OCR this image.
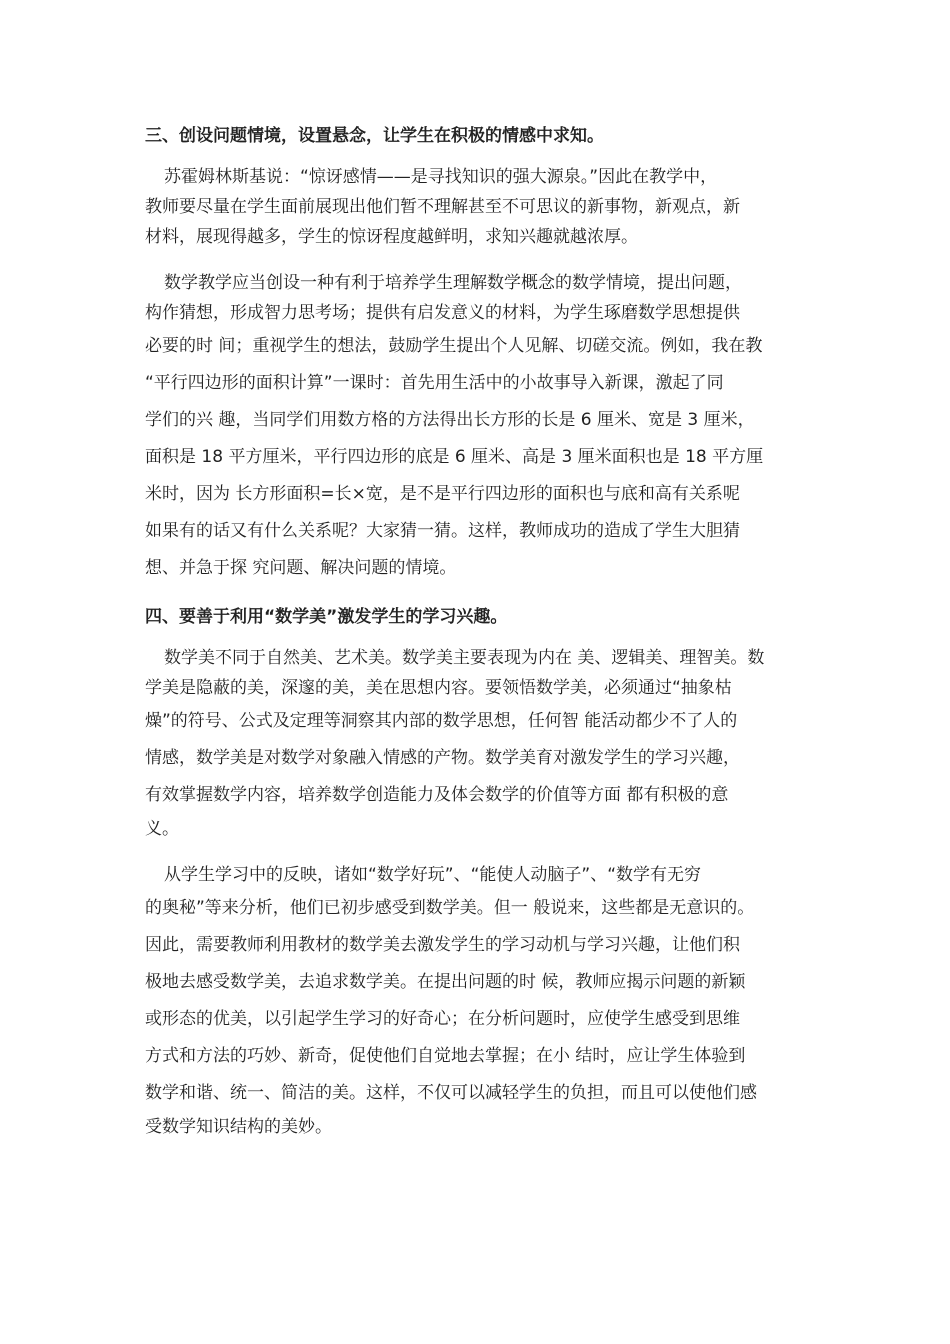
三、创设问题情境，设置悬念，让学生在积极的情感中求知。
苏霍姆林斯基说：“惊讶感情——是寻找知识的强大源泉。”因此在教学中，
教师要尽量在学生面前展现出他们暂不理解甚至不可思议的新事物，新观点，新
材料，展现得越多，学生的惊讶程度越鲜明，求知兴趣就越浓厚。
数学教学应当创设一种有利于培养学生理解数学概念的数学情境，提出问题，
构作猜想，形成智力思考场；提供有启发意义的材料，为学生琢磨数学思想提供
必要的时 间；重视学生的想法，鼓励学生提出个人见解、切磋交流。例如，我在教
“平行四边形的面积计算”一课时：首先用生活中的小故事导入新课，激起了同
学们的兴 趣，当同学们用数方格的方法得出长方形的长是 6 厘米、宽是 3 厘米，
面积是 18 平方厘米，平行四边形的底是 6 厘米、高是 3 厘米面积也是 18 平方厘
米时，因为 长方形面积=长×宽，是不是平行四边形的面积也与底和高有关系呢
如果有的话又有什么关系呢？大家猜一猜。这样，教师成功的造成了学生大胆猜
想、并急于探 究问题、解决问题的情境。
四、要善于利用“数学美”激发学生的学习兴趣。
数学美不同于自然美、艺术美。数学美主要表现为内在 美、逻辑美、理智美。数
学美是隐蔽的美，深邃的美，美在思想内容。要领悟数学美，必须通过“抽象枯
燥”的符号、公式及定理等洞察其内部的数学思想，任何智 能活动都少不了人的
情感，数学美是对数学对象融入情感的产物。数学美育对激发学生的学习兴趣，
有效掌握数学内容，培养数学创造能力及体会数学的价值等方面 都有积极的意
义。
从学生学习中的反映，诸如“数学好玩”、“能使人动脑子”、“数学有无穷
的奥秘”等来分析，他们已初步感受到数学美。但一 般说来，这些都是无意识的。
因此，需要教师利用教材的数学美去激发学生的学习动机与学习兴趣，让他们积
极地去感受数学美，去追求数学美。在提出问题的时 候，教师应揭示问题的新颖
或形态的优美，以引起学生学习的好奇心；在分析问题时，应使学生感受到思维
方式和方法的巧妙、新奇，促使他们自觉地去掌握；在小 结时，应让学生体验到
数学和谐、统一、简洁的美。这样，不仅可以减轻学生的负担，而且可以使他们感
受数学知识结构的美妙。
